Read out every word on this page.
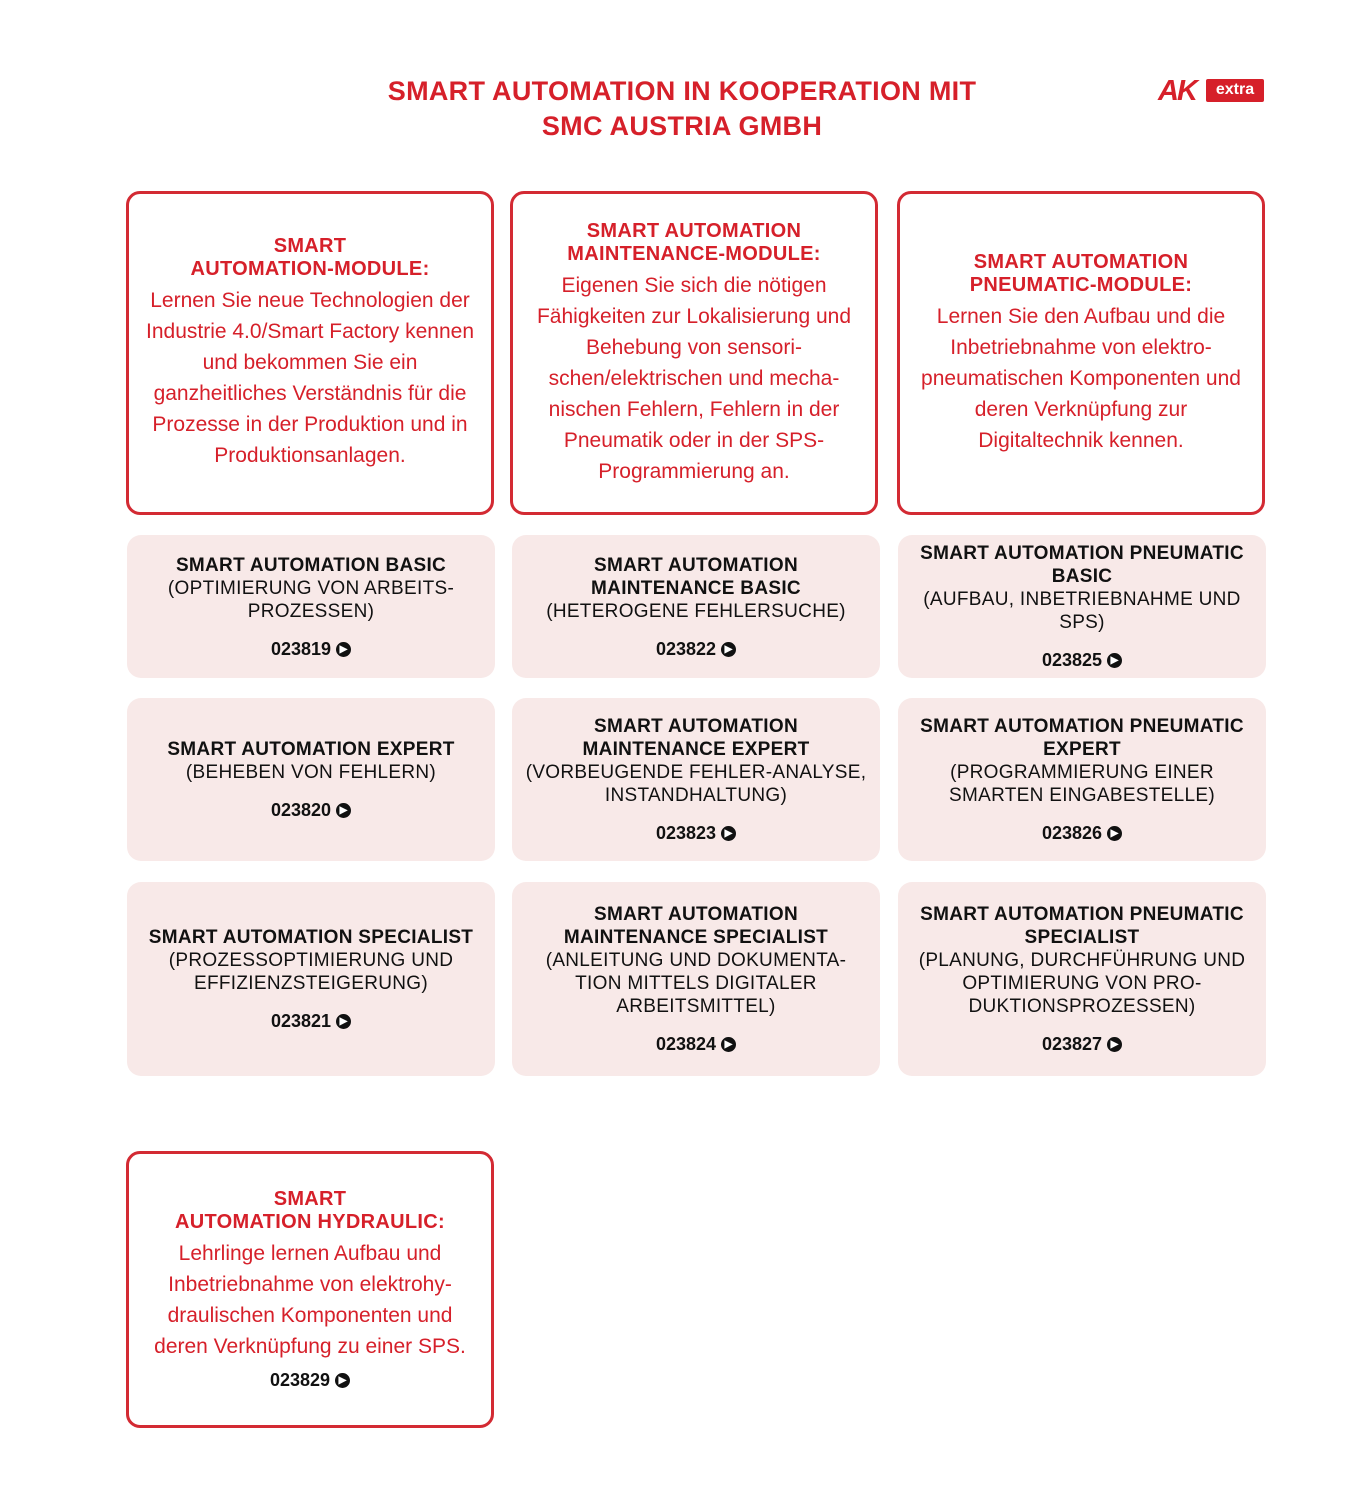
SMART AUTOMATION IN KOOPERATION MIT
SMC AUSTRIA GMBH
AK	extra
SMART
AUTOMATION-MODULE:
Lernen Sie neue Technologien der Industrie 4.0/Smart Factory kennen und bekommen Sie ein ganzheitliches Verständnis für die Prozesse in der Produktion und in Produktionsanlagen.
SMART AUTOMATION
MAINTENANCE-MODULE:
Eigenen Sie sich die nötigen Fähigkeiten zur Lokalisierung und Behebung von sensori-schen/elektrischen und mecha-nischen Fehlern, Fehlern in der Pneumatik oder in der SPS-Programmierung an.
SMART AUTOMATION
PNEUMATIC-MODULE:
Lernen Sie den Aufbau und die Inbetriebnahme von elektro-pneumatischen Komponenten und deren Verknüpfung zur Digitaltechnik kennen.
SMART AUTOMATION BASIC
(OPTIMIERUNG VON ARBEITS-PROZESSEN)
023819 ▶
SMART AUTOMATION MAINTENANCE BASIC
(HETEROGENE FEHLERSUCHE)
023822 ▶
SMART AUTOMATION PNEUMATIC BASIC
(AUFBAU, INBETRIEBNAHME UND SPS)
023825 ▶
SMART AUTOMATION EXPERT
(BEHEBEN VON FEHLERN)
023820 ▶
SMART AUTOMATION MAINTENANCE EXPERT
(VORBEUGENDE FEHLER-ANALYSE, INSTANDHALTUNG)
023823 ▶
SMART AUTOMATION PNEUMATIC EXPERT
(PROGRAMMIERUNG EINER SMARTEN EINGABESTELLE)
023826 ▶
SMART AUTOMATION SPECIALIST
(PROZESSOPTIMIERUNG UND EFFIZIENZSTEIGERUNG)
023821 ▶
SMART AUTOMATION MAINTENANCE SPECIALIST
(ANLEITUNG UND DOKUMENTA-TION MITTELS DIGITALER ARBEITSMITTEL)
023824 ▶
SMART AUTOMATION PNEUMATIC SPECIALIST
(PLANUNG, DURCHFÜHRUNG UND OPTIMIERUNG VON PRO-DUKTIONSPROZESSEN)
023827 ▶
SMART
AUTOMATION HYDRAULIC:
Lehrlinge lernen Aufbau und Inbetriebnahme von elektrohy-draulischen Komponenten und deren Verknüpfung zu einer SPS.
023829 ▶
